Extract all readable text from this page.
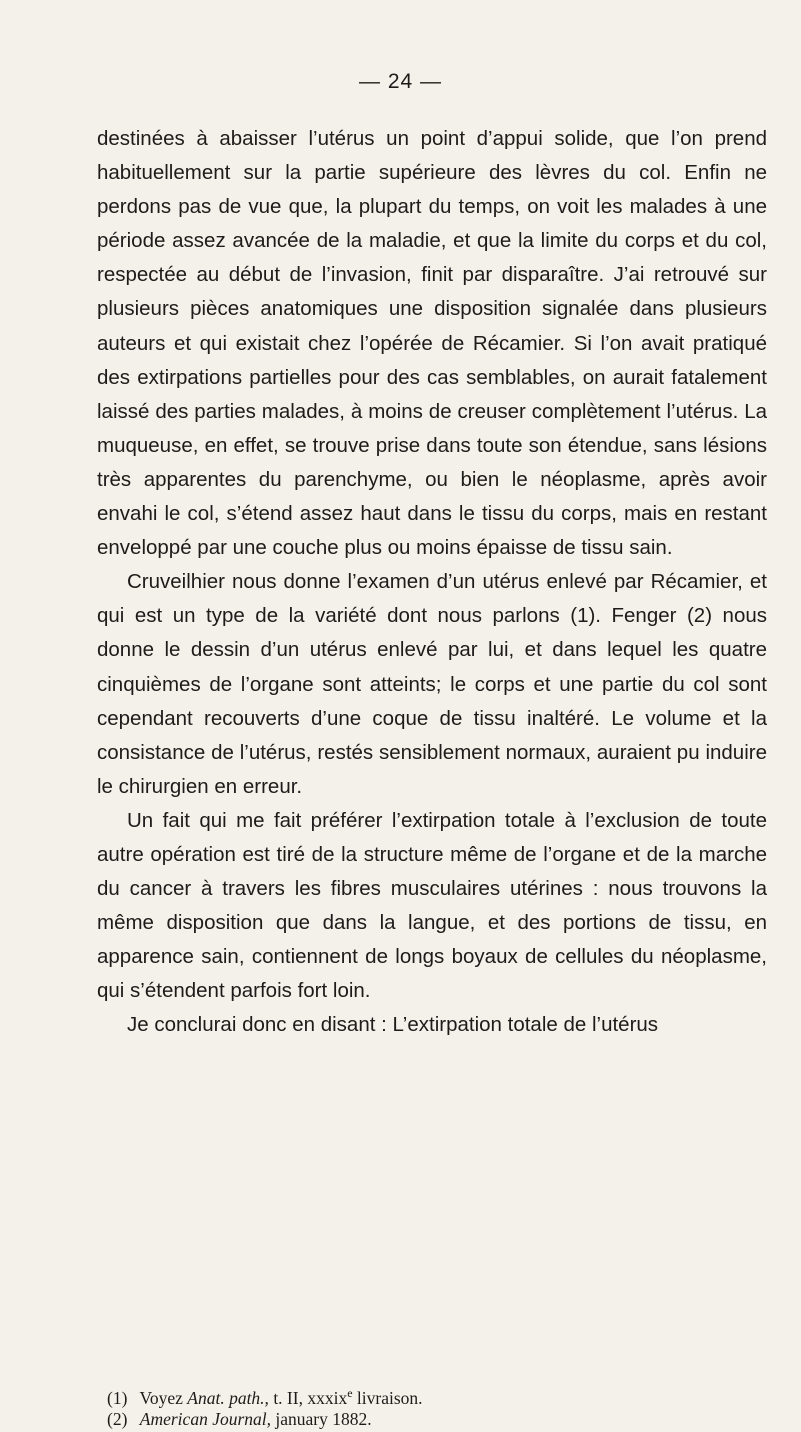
— 24 —

destinées à abaisser l’utérus un point d’appui solide, que l’on prend habituellement sur la partie supérieure des lèvres du col. Enfin ne perdons pas de vue que, la plupart du temps, on voit les malades à une période assez avancée de la maladie, et que la limite du corps et du col, respectée au début de l’invasion, finit par disparaître. J’ai retrouvé sur plusieurs pièces anatomiques une disposition signalée dans plusieurs auteurs et qui existait chez l’opérée de Récamier. Si l’on avait pratiqué des extirpations partielles pour des cas semblables, on aurait fatalement laissé des parties malades, à moins de creuser complètement l’utérus. La muqueuse, en effet, se trouve prise dans toute son étendue, sans lésions très apparentes du parenchyme, ou bien le néoplasme, après avoir envahi le col, s’étend assez haut dans le tissu du corps, mais en restant enveloppé par une couche plus ou moins épaisse de tissu sain.

Cruveilhier nous donne l’examen d’un utérus enlevé par Récamier, et qui est un type de la variété dont nous parlons (1). Fenger (2) nous donne le dessin d’un utérus enlevé par lui, et dans lequel les quatre cinquièmes de l’organe sont atteints; le corps et une partie du col sont cependant recouverts d’une coque de tissu inaltéré. Le volume et la consistance de l’utérus, restés sensiblement normaux, auraient pu induire le chirurgien en erreur.

Un fait qui me fait préférer l’extirpation totale à l’exclusion de toute autre opération est tiré de la structure même de l’organe et de la marche du cancer à travers les fibres musculaires utérines : nous trouvons la même disposition que dans la langue, et des portions de tissu, en apparence sain, contiennent de longs boyaux de cellules du néoplasme, qui s’étendent parfois fort loin.

Je conclurai donc en disant : L’extirpation totale de l’utérus

(1) Voyez Anat. path., t. II, xxxix$^e$ livraison.
(2) American Journal, january 1882.
